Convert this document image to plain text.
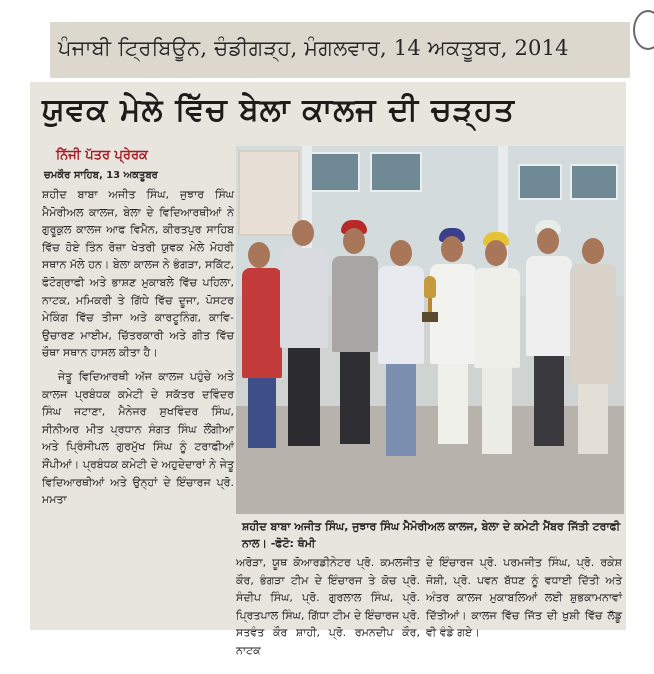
ਪੰਜਾਬੀ ਟ੍ਰਿਬਿਊਨ, ਚੰਡੀਗੜ੍ਹ, ਮੰਗਲਵਾਰ, 14 ਅਕਤੂਬਰ, 2014
ਯੁਵਕ ਮੇਲੇ ਵਿੱਚ ਬੇਲਾ ਕਾਲਜ ਦੀ ਚੜ੍ਹਤ
ਨਿੱਜੀ ਪੱਤਰ ਪ੍ਰੇਰਕ
ਚਮਕੌਰ ਸਾਹਿਬ, 13 ਅਕਤੂਬਰ

ਸ਼ਹੀਦ ਬਾਬਾ ਅਜੀਤ ਸਿੰਘ, ਜੁਝਾਰ ਸਿੰਘ ਮੈਮੋਰੀਅਲ ਕਾਲਜ, ਬੇਲਾ ਦੇ ਵਿਦਿਆਰਥੀਆਂ ਨੇ ਗੁਰੂਕੁਲ ਕਾਲਜ ਆਫ ਵਿਮੈਨ, ਕੀਰਤਪੁਰ ਸਾਹਿਬ ਵਿੱਚ ਹੋਏ ਤਿੰਨ ਰੋਜ਼ਾ ਖੇਤਰੀ ਯੁਵਕ ਮੇਲੇ ਮੋਹਰੀ ਸਥਾਨ ਮੱਲੇ ਹਨ। ਬੇਲਾ ਕਾਲਜ ਨੇ ਭੰਗੜਾ, ਸਕਿੱਟ, ਫੋਟੋਗ੍ਰਾਫੀ ਅਤੇ ਭਾਸ਼ਣ ਮੁਕਾਬਲੇ ਵਿੱਚ ਪਹਿਲਾ, ਨਾਟਕ, ਮਮਿਕਰੀ ਤੇ ਗਿੱਧੇ ਵਿੱਚ ਦੂਜਾ, ਪੋਸਟਰ ਮੇਕਿੰਗ ਵਿੱਚ ਤੀਜਾ ਅਤੇ ਕਾਰਟੂਨਿੰਗ, ਕਾਵਿ-ਉਚਾਰਣ ਮਾਈਮ, ਚਿੱਤਰਕਾਰੀ ਅਤੇ ਗੀਤ ਵਿੱਚ ਚੌਥਾ ਸਥਾਨ ਹਾਸਲ ਕੀਤਾ ਹੈ।

ਜੇਤੂ ਵਿਦਿਆਰਥੀ ਅੱਜ ਕਾਲਜ ਪਹੁੰਚੇ ਅਤੇ ਕਾਲਜ ਪ੍ਰਬੰਧਕ ਕਮੇਟੀ ਦੇ ਸਕੱਤਰ ਦਵਿੰਦਰ ਸਿੰਘ ਜਟਾਣਾ, ਮੈਨੇਜਰ ਸੁਖਵਿੰਦਰ ਸਿੰਘ, ਸੀਨੀਅਰ ਮੀਤ ਪ੍ਰਧਾਨ ਸੰਗਤ ਸਿੰਘ ਲੌਂਗੀਆ ਅਤੇ ਪ੍ਰਿੰਸੀਪਲ ਗੁਰਮੁੱਖ ਸਿੰਘ ਨੂੰ ਟਰਾਫੀਆਂ ਸੌਂਪੀਆਂ। ਪ੍ਰਬੰਧਕ ਕਮੇਟੀ ਦੇ ਅਹੁਦੇਦਾਰਾਂ ਨੇ ਜੇਤੂ ਵਿਦਿਆਰਥੀਆਂ ਅਤੇ ਉਨ੍ਹਾਂ ਦੇ ਇੰਚਾਰਜ ਪ੍ਰੋ. ਮਮਤਾ

ਸ਼ਹੀਦ ਬਾਬਾ ਅਜੀਤ ਸਿੰਘ, ਜੁਝਾਰ ਸਿੰਘ ਮੈਮੋਰੀਅਲ ਕਾਲਜ, ਬੇਲਾ ਦੇ ਕਮੇਟੀ ਮੈਂਬਰ ਜਿੱਤੀ ਟਰਾਫੀ ਨਾਲ। -ਫੋਟੋ: ਥੰਮੀ

ਅਰੋੜਾ, ਯੂਥ ਕੋਆਰਡੀਨੇਟਰ ਪ੍ਰੋ. ਕਮਲਜੀਤ ਕੌਰ, ਭੰਗੜਾ ਟੀਮ ਦੇ ਇੰਚਾਰਜ ਤੇ ਕੋਚ ਪ੍ਰੋ. ਸੰਦੀਪ ਸਿੰਘ, ਪ੍ਰੋ. ਗੁਰਲਾਲ ਸਿੰਘ, ਪ੍ਰੋ. ਪ੍ਰਿਤਪਾਲ ਸਿੰਘ, ਗਿੱਧਾ ਟੀਮ ਦੇ ਇੰਚਾਰਜ ਪ੍ਰੋ. ਸਤਵੰਤ ਕੌਰ ਸ਼ਾਹੀ, ਪ੍ਰੋ. ਰਮਨਦੀਪ ਕੌਰ, ਨਾਟਕ

ਦੇ ਇੰਚਾਰਜ ਪ੍ਰੋ. ਪਰਮਜੀਤ ਸਿੰਘ, ਪ੍ਰੋ. ਰਕੇਸ਼ ਜੋਸ਼ੀ, ਪ੍ਰੋ. ਪਵਨ ਬੱਧਣ ਨੂੰ ਵਧਾਈ ਦਿੱਤੀ ਅਤੇ ਅੰਤਰ ਕਾਲਜ ਮੁਕਾਬਲਿਆਂ ਲਈ ਸ਼ੁਭਕਾਮਨਾਵਾਂ ਦਿੱਤੀਆਂ। ਕਾਲਜ ਵਿੱਚ ਜਿੱਤ ਦੀ ਖੁਸ਼ੀ ਵਿੱਚ ਲੱਡੂ ਵੀ ਵੰਡੇ ਗਏ।
